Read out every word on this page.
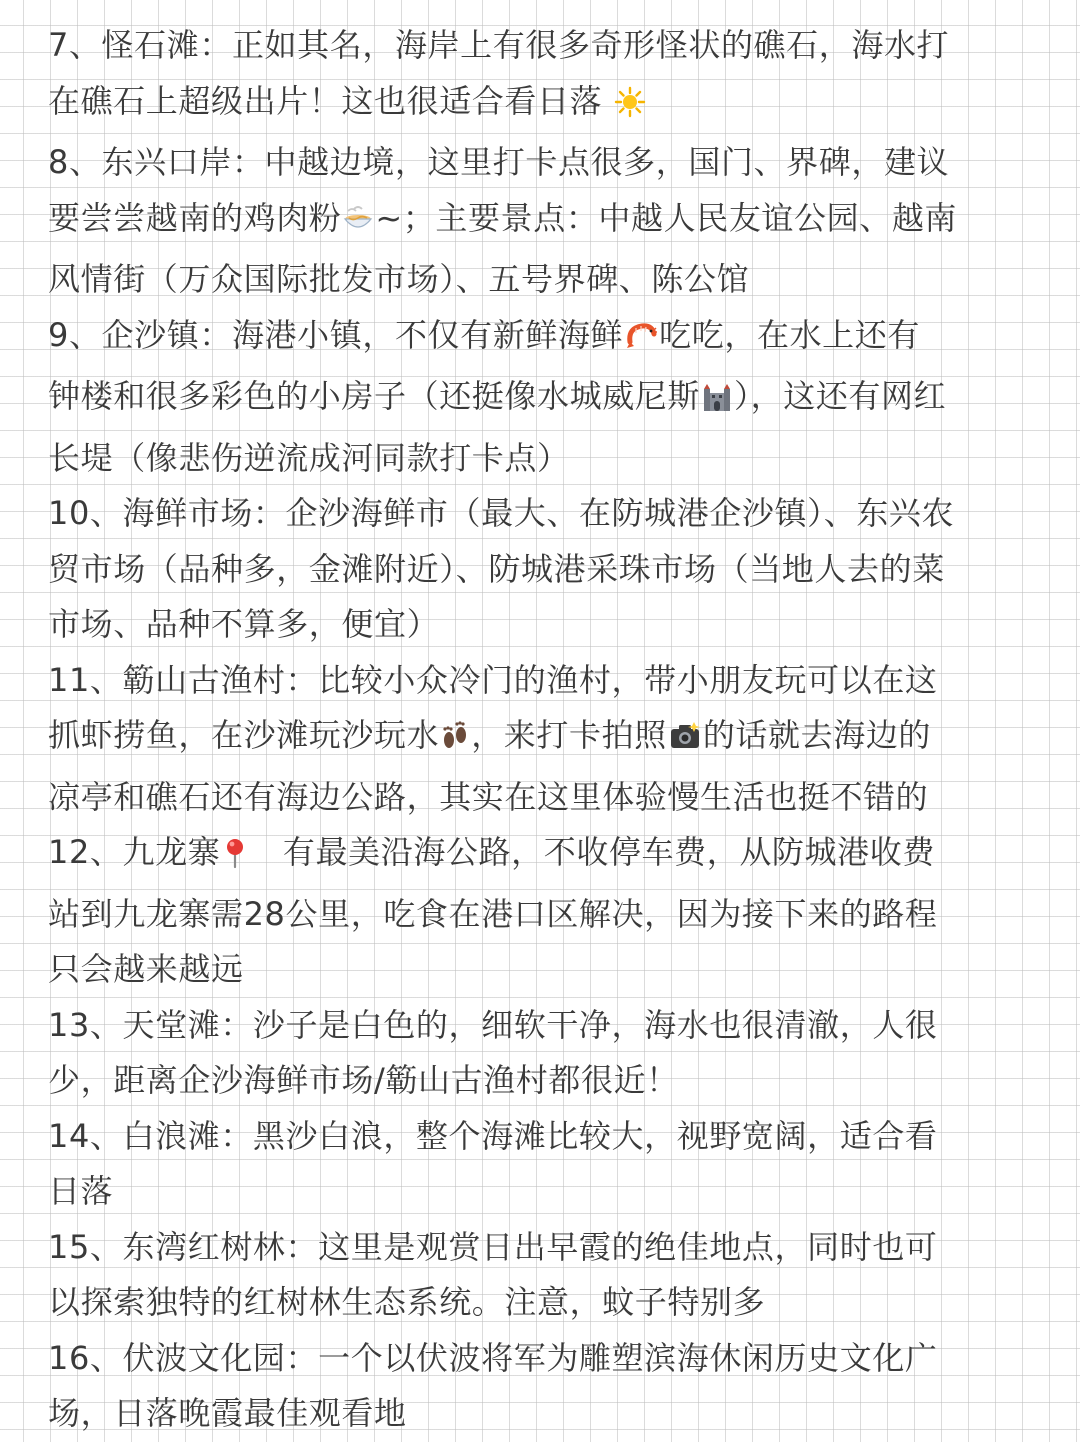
7、怪石滩：正如其名，海岸上有很多奇形怪状的礁石，海水打
在礁石上超级出片！这也很适合看日落

8、东兴口岸：中越边境，这里打卡点很多，国门、界碑，建议
要尝尝越南的鸡肉粉 ~；主要景点：中越人民友谊公园、越南
风情街（万众国际批发市场）、五号界碑、陈公馆

9、企沙镇：海港小镇，不仅有新鲜海鲜 吃吃，在水上还有
钟楼和很多彩色的小房子（还挺像水城威尼斯 ），这还有网红
长堤（像悲伤逆流成河同款打卡点）

10、海鲜市场：企沙海鲜市（最大、在防城港企沙镇）、东兴农
贸市场（品种多，金滩附近）、防城港采珠市场（当地人去的菜
市场、品种不算多，便宜）

11、簕山古渔村：比较小众冷门的渔村，带小朋友玩可以在这
抓虾捞鱼，在沙滩玩沙玩水 ，来打卡拍照 的话就去海边的
凉亭和礁石还有海边公路，其实在这里体验慢生活也挺不错的

12、九龙寨　有最美沿海公路，不收停车费，从防城港收费
站到九龙寨需28公里，吃食在港口区解决，因为接下来的路程
只会越来越远

13、天堂滩：沙子是白色的，细软干净，海水也很清澈，人很
少，距离企沙海鲜市场/簕山古渔村都很近！

14、白浪滩：黑沙白浪，整个海滩比较大，视野宽阔，适合看
日落

15、东湾红树林：这里是观赏日出早霞的绝佳地点，同时也可
以探索独特的红树林生态系统。注意，蚊子特别多

16、伏波文化园：一个以伏波将军为雕塑滨海休闲历史文化广
场，日落晚霞最佳观看地
